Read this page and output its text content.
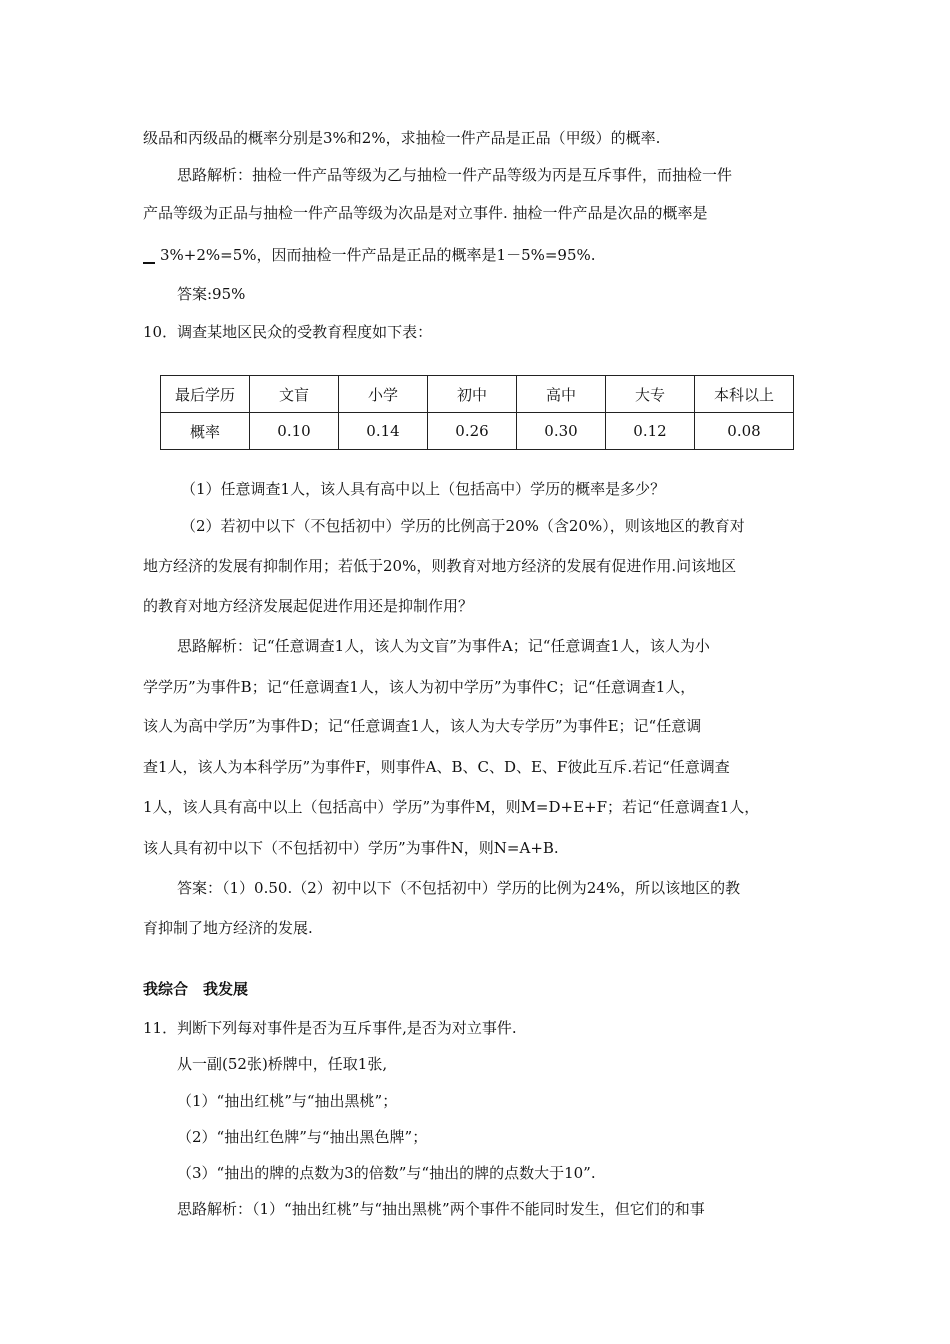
级品和丙级品的概率分别是3%和2%，求抽检一件产品是正品（甲级）的概率.
思路解析：抽检一件产品等级为乙与抽检一件产品等级为丙是互斥事件，而抽检一件
产品等级为正品与抽检一件产品等级为次品是对立事件. 抽检一件产品是次品的概率是
3%+2%=5%，因而抽检一件产品是正品的概率是1－5%=95%.
答案:95%
10．调查某地区民众的受教育程度如下表：
最后学历	文盲	小学	初中	高中	大专	本科以上
概率	0.10	0.14	0.26	0.30	0.12	0.08
（1）任意调查1人，该人具有高中以上（包括高中）学历的概率是多少？
（2）若初中以下（不包括初中）学历的比例高于20%（含20%），则该地区的教育对
地方经济的发展有抑制作用；若低于20%，则教育对地方经济的发展有促进作用.问该地区
的教育对地方经济发展起促进作用还是抑制作用？
思路解析：记“任意调查1人，该人为文盲”为事件A；记“任意调查1人，该人为小
学学历”为事件B；记“任意调查1人，该人为初中学历”为事件C；记“任意调查1人，
该人为高中学历”为事件D；记“任意调查1人，该人为大专学历”为事件E；记“任意调
查1人，该人为本科学历”为事件F，则事件A、B、C、D、E、F彼此互斥.若记“任意调查
1人，该人具有高中以上（包括高中）学历”为事件M，则M=D+E+F；若记“任意调查1人，
该人具有初中以下（不包括初中）学历”为事件N，则N=A+B.
答案：（1）0.50.（2）初中以下（不包括初中）学历的比例为24%，所以该地区的教
育抑制了地方经济的发展.
我综合　我发展
11．判断下列每对事件是否为互斥事件,是否为对立事件.
从一副(52张)桥牌中，任取1张,
（1）“抽出红桃”与“抽出黑桃”；
（2）“抽出红色牌”与“抽出黑色牌”；
（3）“抽出的牌的点数为3的倍数”与“抽出的牌的点数大于10”.
思路解析：（1）“抽出红桃”与“抽出黑桃”两个事件不能同时发生，但它们的和事
